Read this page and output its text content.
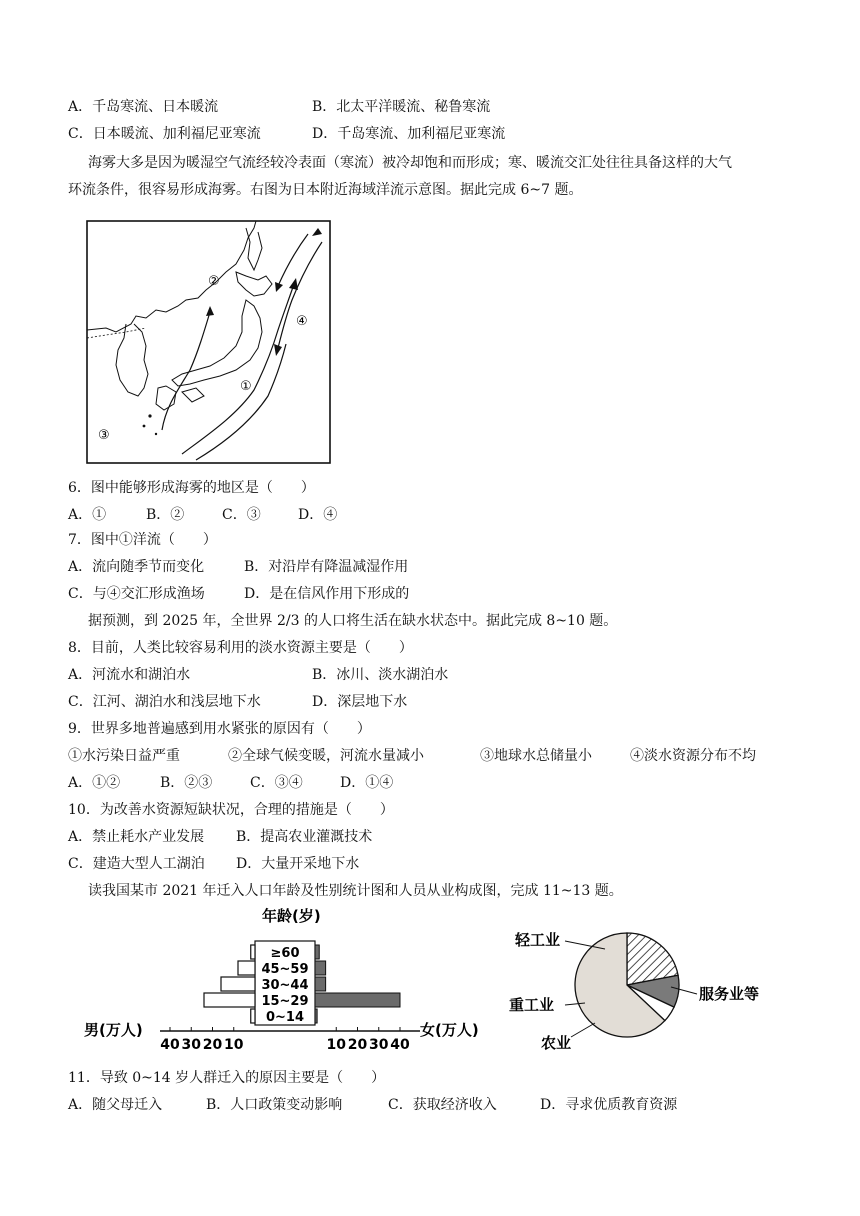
A．千岛寒流、日本暖流	B．北太平洋暖流、秘鲁寒流
C．日本暖流、加利福尼亚寒流	D．千岛寒流、加利福尼亚寒流
海雾大多是因为暖湿空气流经较冷表面（寒流）被冷却饱和而形成；寒、暖流交汇处往往具备这样的大气
环流条件，很容易形成海雾。右图为日本附近海域洋流示意图。据此完成 6~7 题。
②
④
①
③
6．图中能够形成海雾的地区是（　　）
A．①	B．②	C．③	D．④
7．图中①洋流（　　）
A．流向随季节而变化	B．对沿岸有降温减湿作用
C．与④交汇形成渔场	D．是在信风作用下形成的
据预测，到 2025 年，全世界 2/3 的人口将生活在缺水状态中。据此完成 8~10 题。
8．目前，人类比较容易利用的淡水资源主要是（　　）
A．河流水和湖泊水	B．冰川、淡水湖泊水
C．江河、湖泊水和浅层地下水	D．深层地下水
9．世界多地普遍感到用水紧张的原因有（　　）
①水污染日益严重	②全球气候变暖，河流水量减小	③地球水总储量小	④淡水资源分布不均
A．①②	B．②③	C．③④	D．①④
10．为改善水资源短缺状况，合理的措施是（　　）
A．禁止耗水产业发展 B．提高农业灌溉技术
C．建造大型人工湖泊 D．大量开采地下水
读我国某市 2021 年迁入人口年龄及性别统计图和人员从业构成图，完成 11~13 题。
年龄(岁)
≥60
45~59
30~44
15~29
0~14
40 30 20 10	10 20 30 40
男(万人)	女(万人)
轻工业
重工业
农业
服务业等
11．导致 0~14 岁人群迁入的原因主要是（　　）
A．随父母迁入	B．人口政策变动影响	C．获取经济收入	D．寻求优质教育资源
